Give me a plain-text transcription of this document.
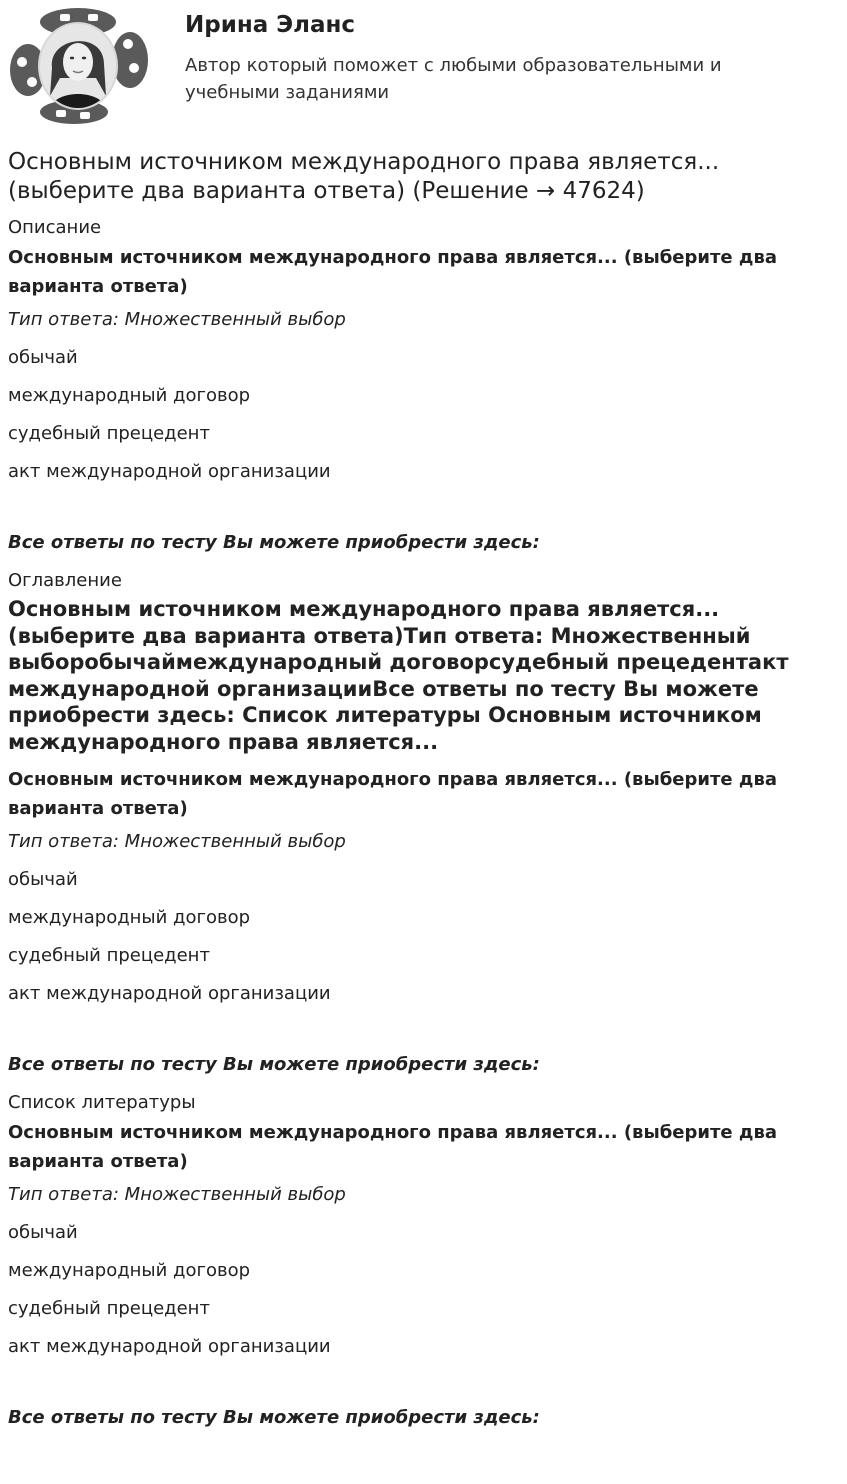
Ирина Эланс
Автор который поможет с любыми образовательными и учебными заданиями
Основным источником международного права является... (выберите два варианта ответа) (Решение → 47624)
Описание
Основным источником международного права является... (выберите два варианта ответа)
Тип ответа: Множественный выбор
обычай
международный договор
судебный прецедент
акт международной организации
Все ответы по тесту Вы можете приобрести здесь:
Оглавление
Основным источником международного права является... (выберите два варианта ответа)Тип ответа: Множественный выборобычаймеждународный договорсудебный прецедентакт международной организацииВсе ответы по тесту Вы можете приобрести здесь: Список литературы Основным источником международного права является...
Основным источником международного права является... (выберите два варианта ответа)
Тип ответа: Множественный выбор
обычай
международный договор
судебный прецедент
акт международной организации
Все ответы по тесту Вы можете приобрести здесь:
Список литературы
Основным источником международного права является... (выберите два варианта ответа)
Тип ответа: Множественный выбор
обычай
международный договор
судебный прецедент
акт международной организации
Все ответы по тесту Вы можете приобрести здесь:
